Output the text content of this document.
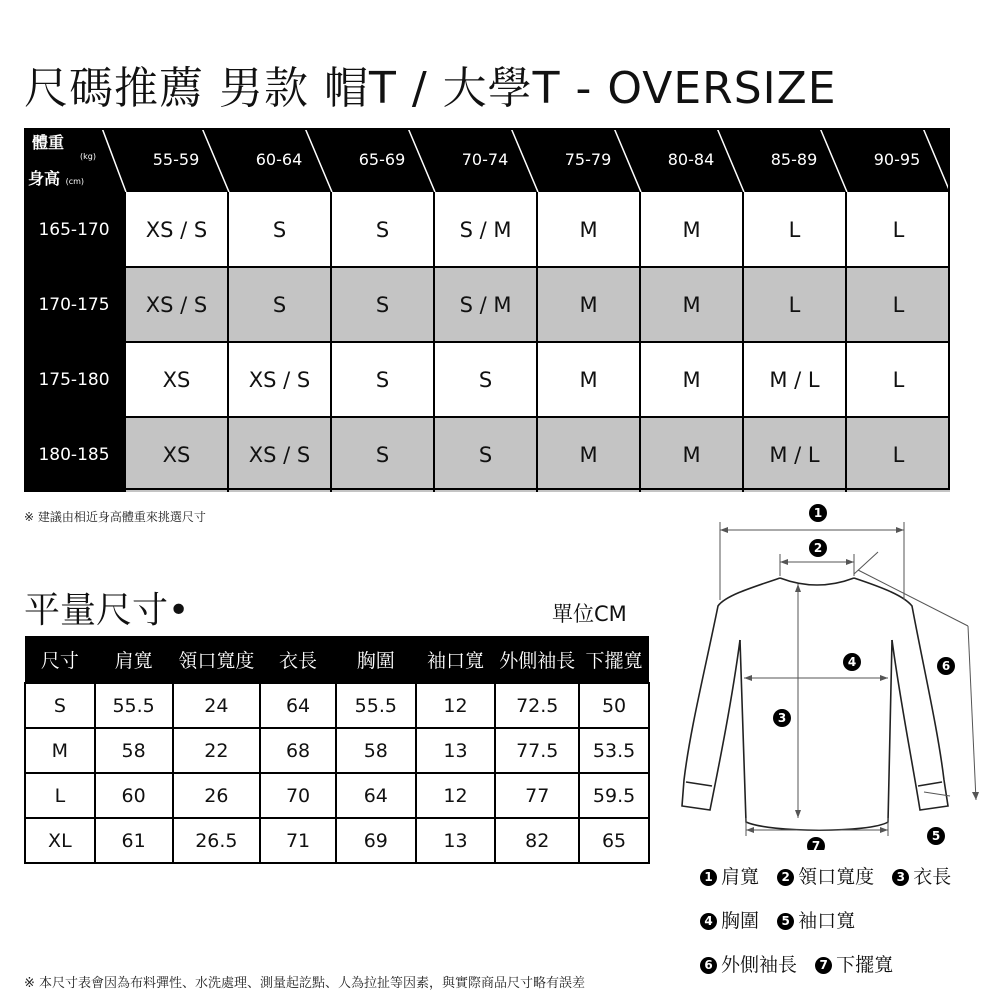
尺碼推薦 男款 帽T / 大學T - OVERSIZE
體重
(kg)
身高 (cm)
55-59	60-64	65-69	70-74	75-79	80-84	85-89	90-95
165-170	XS / S	S	S	S / M	M	M	L	L
170-175	XS / S	S	S	S / M	M	M	L	L
175-180	XS	XS / S	S	S	M	M	M / L	L
180-185	XS	XS / S	S	S	M	M	M / L	L
※ 建議由相近身高體重來挑選尺寸
平量尺寸•	單位CM
尺寸	肩寬	領口寬度	衣長	胸圍	袖口寬	外側袖長	下擺寬
S	55.5	24	64	55.5	12	72.5	50
M	58	22	68	58	13	77.5	53.5
L	60	26	70	64	12	77	59.5
XL	61	26.5	71	69	13	82	65
※ 本尺寸表會因為布料彈性、水洗處理、測量起訖點、人為拉扯等因素，與實際商品尺寸略有誤差
1
2
3
4
5
6
7
1 肩寬 2 領口寬度 3 衣長
4 胸圍 5 袖口寬
6 外側袖長 7 下擺寬
